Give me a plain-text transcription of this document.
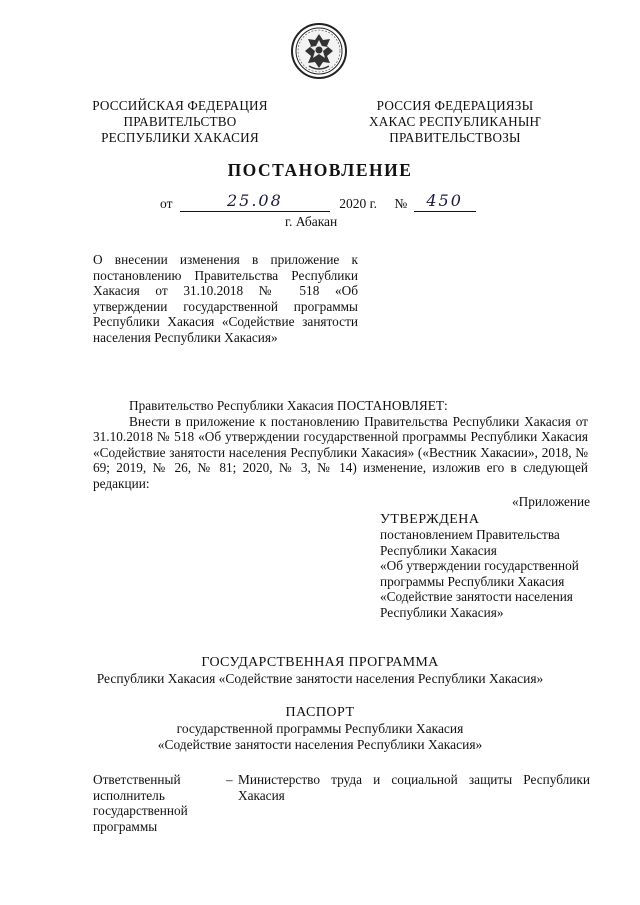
РОССИЙСКАЯ ФЕДЕРАЦИЯ
ПРАВИТЕЛЬСТВО
РЕСПУБЛИКИ ХАКАСИЯ
РОССИЯ ФЕДЕРАЦИЯЗЫ
ХАКАС РЕСПУБЛИКАНЫҤ
ПРАВИТЕЛЬСТВОЗЫ
ПОСТАНОВЛЕНИЕ
от	25.08	2020 г. №	450
г. Абакан
О внесении изменения в приложение к постановлению Правительства Республики Хакасия от 31.10.2018 № 518 «Об утверждении государственной программы Республики Хакасия «Содействие занятости населения Республики Хакасия»
Правительство Республики Хакасия ПОСТАНОВЛЯЕТ:
Внести в приложение к постановлению Правительства Республики Хакасия от 31.10.2018 № 518 «Об утверждении государственной программы Республики Хакасия «Содействие занятости населения Республики Хакасия» («Вестник Хакасии», 2018, № 69; 2019, № 26, № 81; 2020, № 3, № 14) изменение, изложив его в следующей редакции:
«Приложение
УТВЕРЖДЕНА
постановлением Правительства
Республики Хакасия
«Об утверждении государственной
программы Республики Хакасия
«Содействие занятости населения
Республики Хакасия»
ГОСУДАРСТВЕННАЯ ПРОГРАММА
Республики Хакасия «Содействие занятости населения Республики Хакасия»
ПАСПОРТ
государственной программы Республики Хакасия
«Содействие занятости населения Республики Хакасия»
Ответственный исполнитель государственной программы
– Министерство труда и социальной защиты Республики Хакасия
